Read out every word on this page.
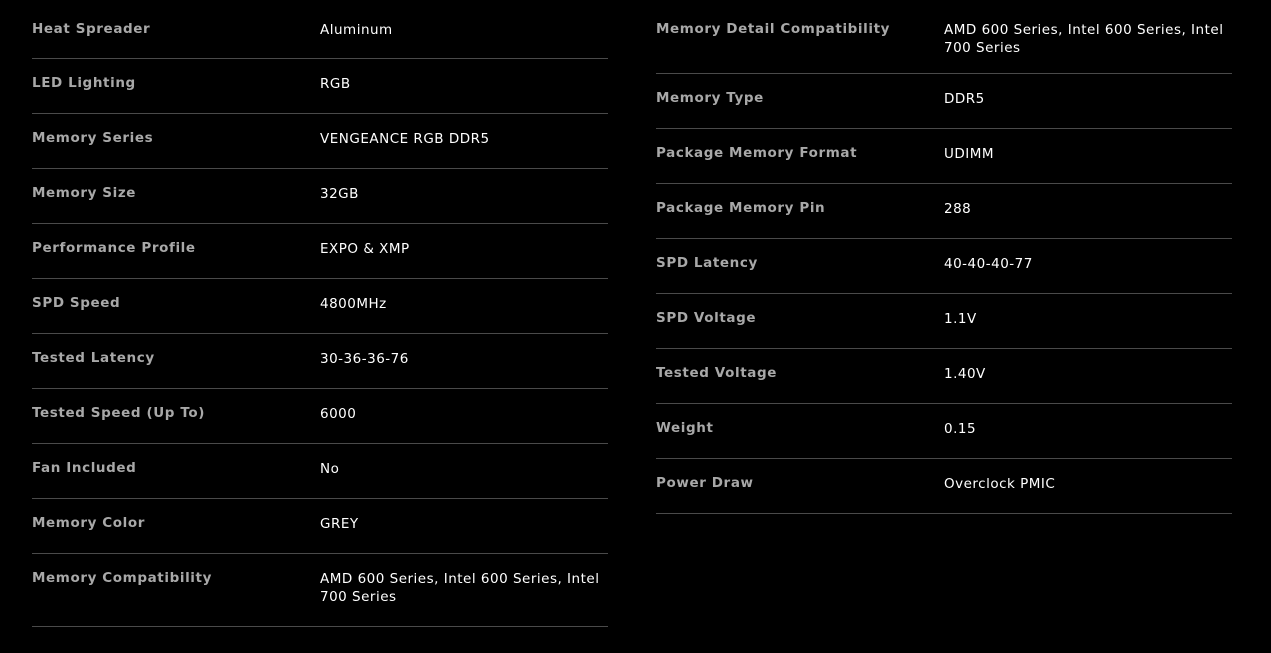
Heat Spreader	Aluminum
LED Lighting	RGB
Memory Series	VENGEANCE RGB DDR5
Memory Size	32GB
Performance Profile	EXPO & XMP
SPD Speed	4800MHz
Tested Latency	30-36-36-76
Tested Speed (Up To)	6000
Fan Included	No
Memory Color	GREY
Memory Compatibility	AMD 600 Series, Intel 600 Series, Intel 700 Series
Memory Detail Compatibility	AMD 600 Series, Intel 600 Series, Intel 700 Series
Memory Type	DDR5
Package Memory Format	UDIMM
Package Memory Pin	288
SPD Latency	40-40-40-77
SPD Voltage	1.1V
Tested Voltage	1.40V
Weight	0.15
Power Draw	Overclock PMIC
